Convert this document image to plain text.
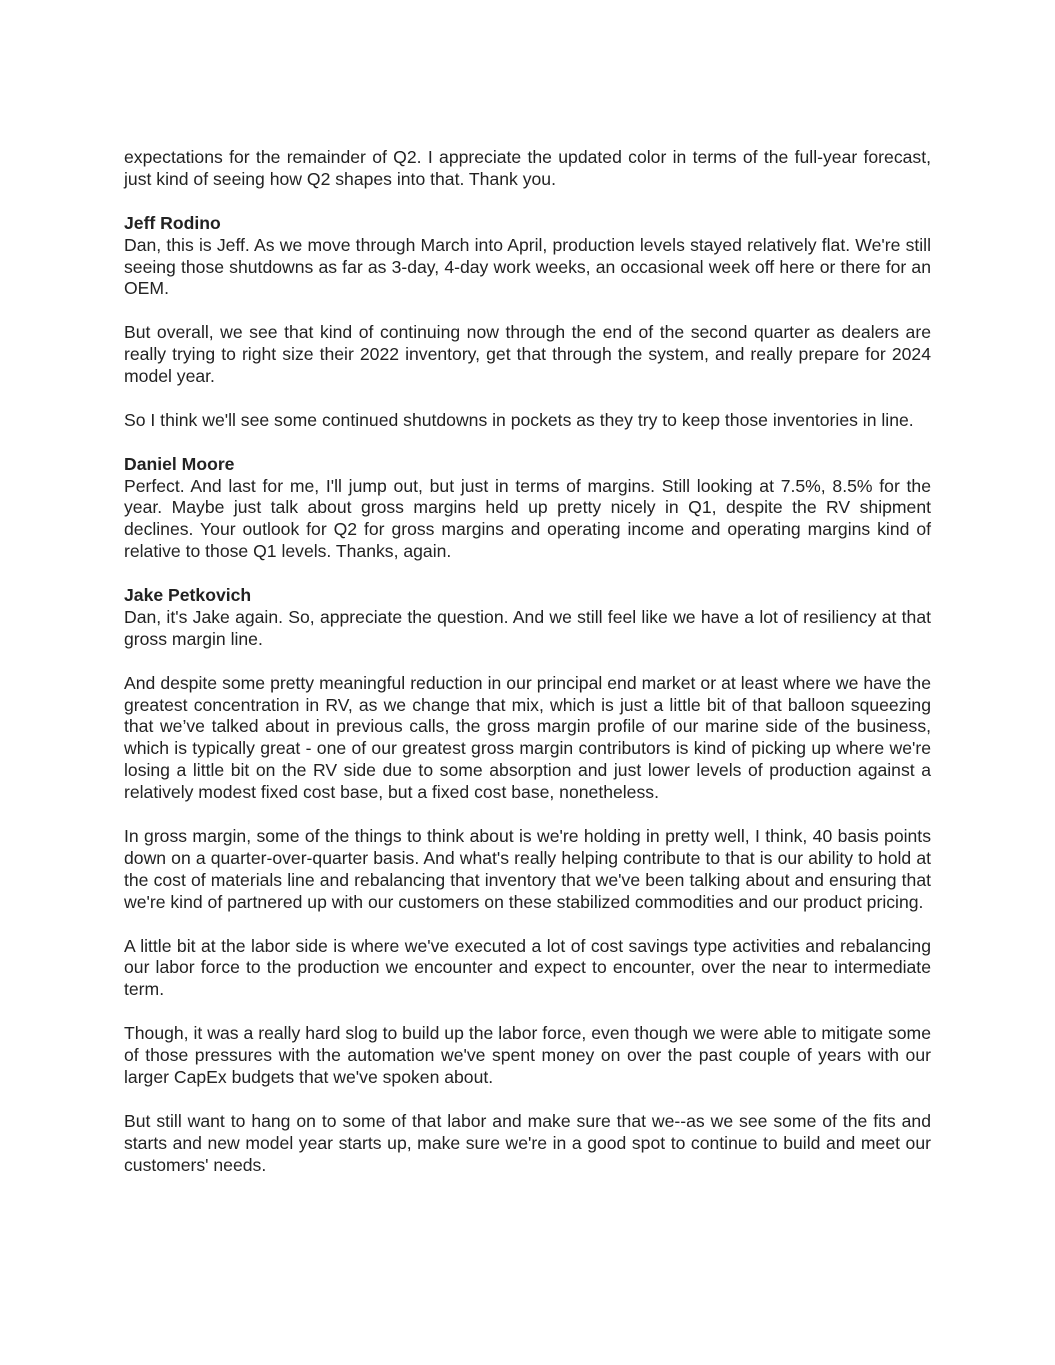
expectations for the remainder of Q2. I appreciate the updated color in terms of the full-year forecast, just kind of seeing how Q2 shapes into that. Thank you.

Jeff Rodino

Dan, this is Jeff. As we move through March into April, production levels stayed relatively flat. We're still seeing those shutdowns as far as 3-day, 4-day work weeks, an occasional week off here or there for an OEM.

But overall, we see that kind of continuing now through the end of the second quarter as dealers are really trying to right size their 2022 inventory, get that through the system, and really prepare for 2024 model year.

So I think we'll see some continued shutdowns in pockets as they try to keep those inventories in line.

Daniel Moore

Perfect. And last for me, I'll jump out, but just in terms of margins. Still looking at 7.5%, 8.5% for the year. Maybe just talk about gross margins held up pretty nicely in Q1, despite the RV shipment declines. Your outlook for Q2 for gross margins and operating income and operating margins kind of relative to those Q1 levels. Thanks, again.

Jake Petkovich

Dan, it's Jake again. So, appreciate the question. And we still feel like we have a lot of resiliency at that gross margin line.

And despite some pretty meaningful reduction in our principal end market or at least where we have the greatest concentration in RV, as we change that mix, which is just a little bit of that balloon squeezing that we’ve talked about in previous calls, the gross margin profile of our marine side of the business, which is typically great - one of our greatest gross margin contributors is kind of picking up where we're losing a little bit on the RV side due to some absorption and just lower levels of production against a relatively modest fixed cost base, but a fixed cost base, nonetheless.

In gross margin, some of the things to think about is we're holding in pretty well, I think, 40 basis points down on a quarter-over-quarter basis. And what's really helping contribute to that is our ability to hold at the cost of materials line and rebalancing that inventory that we've been talking about and ensuring that we're kind of partnered up with our customers on these stabilized commodities and our product pricing.

A little bit at the labor side is where we've executed a lot of cost savings type activities and rebalancing our labor force to the production we encounter and expect to encounter, over the near to intermediate term.

Though, it was a really hard slog to build up the labor force, even though we were able to mitigate some of those pressures with the automation we've spent money on over the past couple of years with our larger CapEx budgets that we've spoken about.

But still want to hang on to some of that labor and make sure that we--as we see some of the fits and starts and new model year starts up, make sure we're in a good spot to continue to build and meet our customers' needs.
